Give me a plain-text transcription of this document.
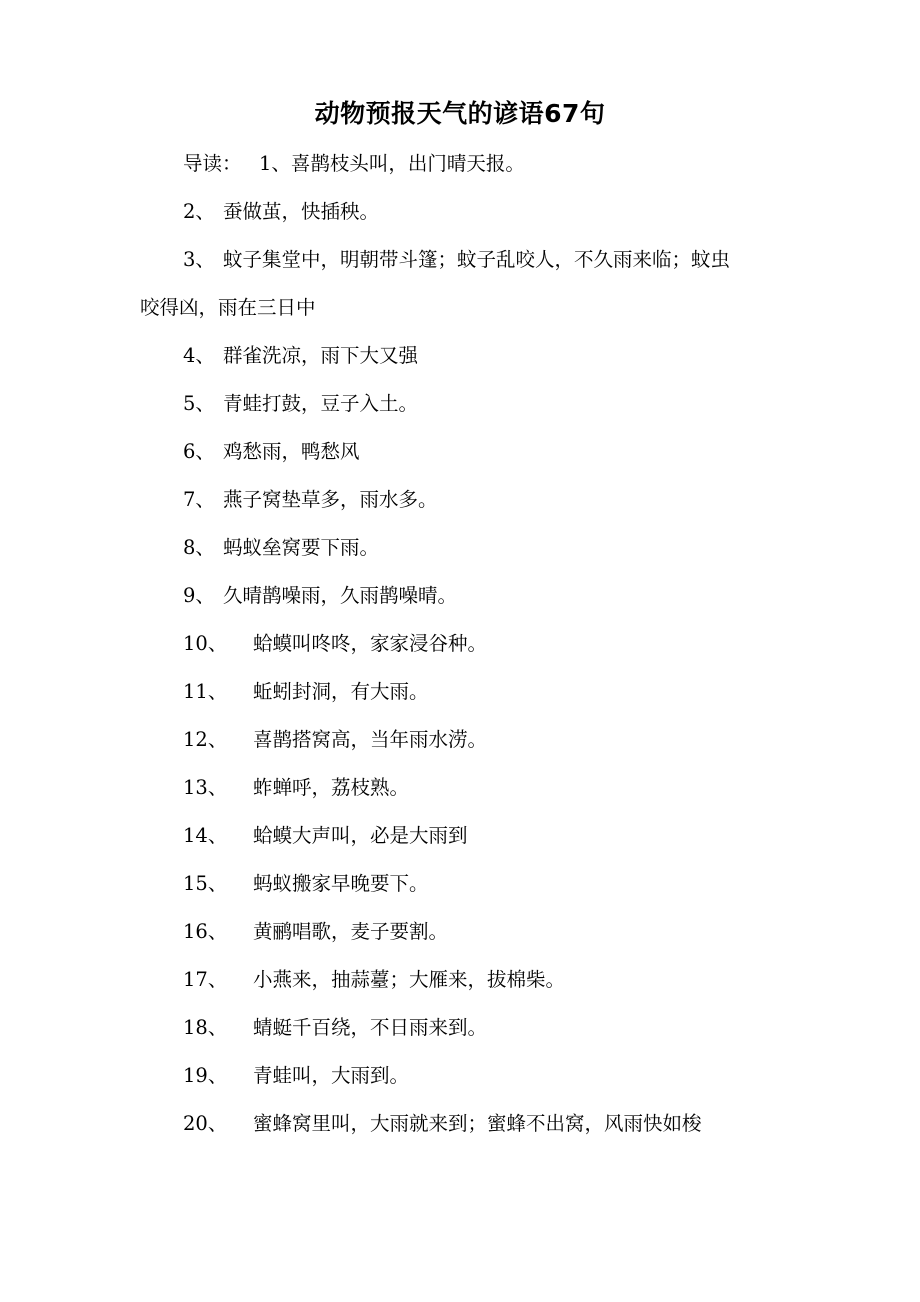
动物预报天气的谚语67句
导读： 1、喜鹊枝头叫，出门晴天报。
2、 蚕做茧，快插秧。
3、 蚊子集堂中，明朝带斗篷；蚊子乱咬人，不久雨来临；蚊虫
咬得凶，雨在三日中
4、 群雀洗凉，雨下大又强
5、 青蛙打鼓，豆子入土。
6、 鸡愁雨，鸭愁风
7、 燕子窝垫草多，雨水多。
8、 蚂蚁垒窝要下雨。
9、 久晴鹊噪雨，久雨鹊噪晴。
10、 蛤蟆叫咚咚，家家浸谷种。
11、 蚯蚓封洞，有大雨。
12、 喜鹊搭窝高，当年雨水涝。
13、 蚱蝉呼，荔枝熟。
14、 蛤蟆大声叫，必是大雨到
15、 蚂蚁搬家早晚要下。
16、 黄鹂唱歌，麦子要割。
17、 小燕来，抽蒜薹；大雁来，拔棉柴。
18、 蜻蜓千百绕，不日雨来到。
19、 青蛙叫，大雨到。
20、 蜜蜂窝里叫，大雨就来到；蜜蜂不出窝，风雨快如梭
